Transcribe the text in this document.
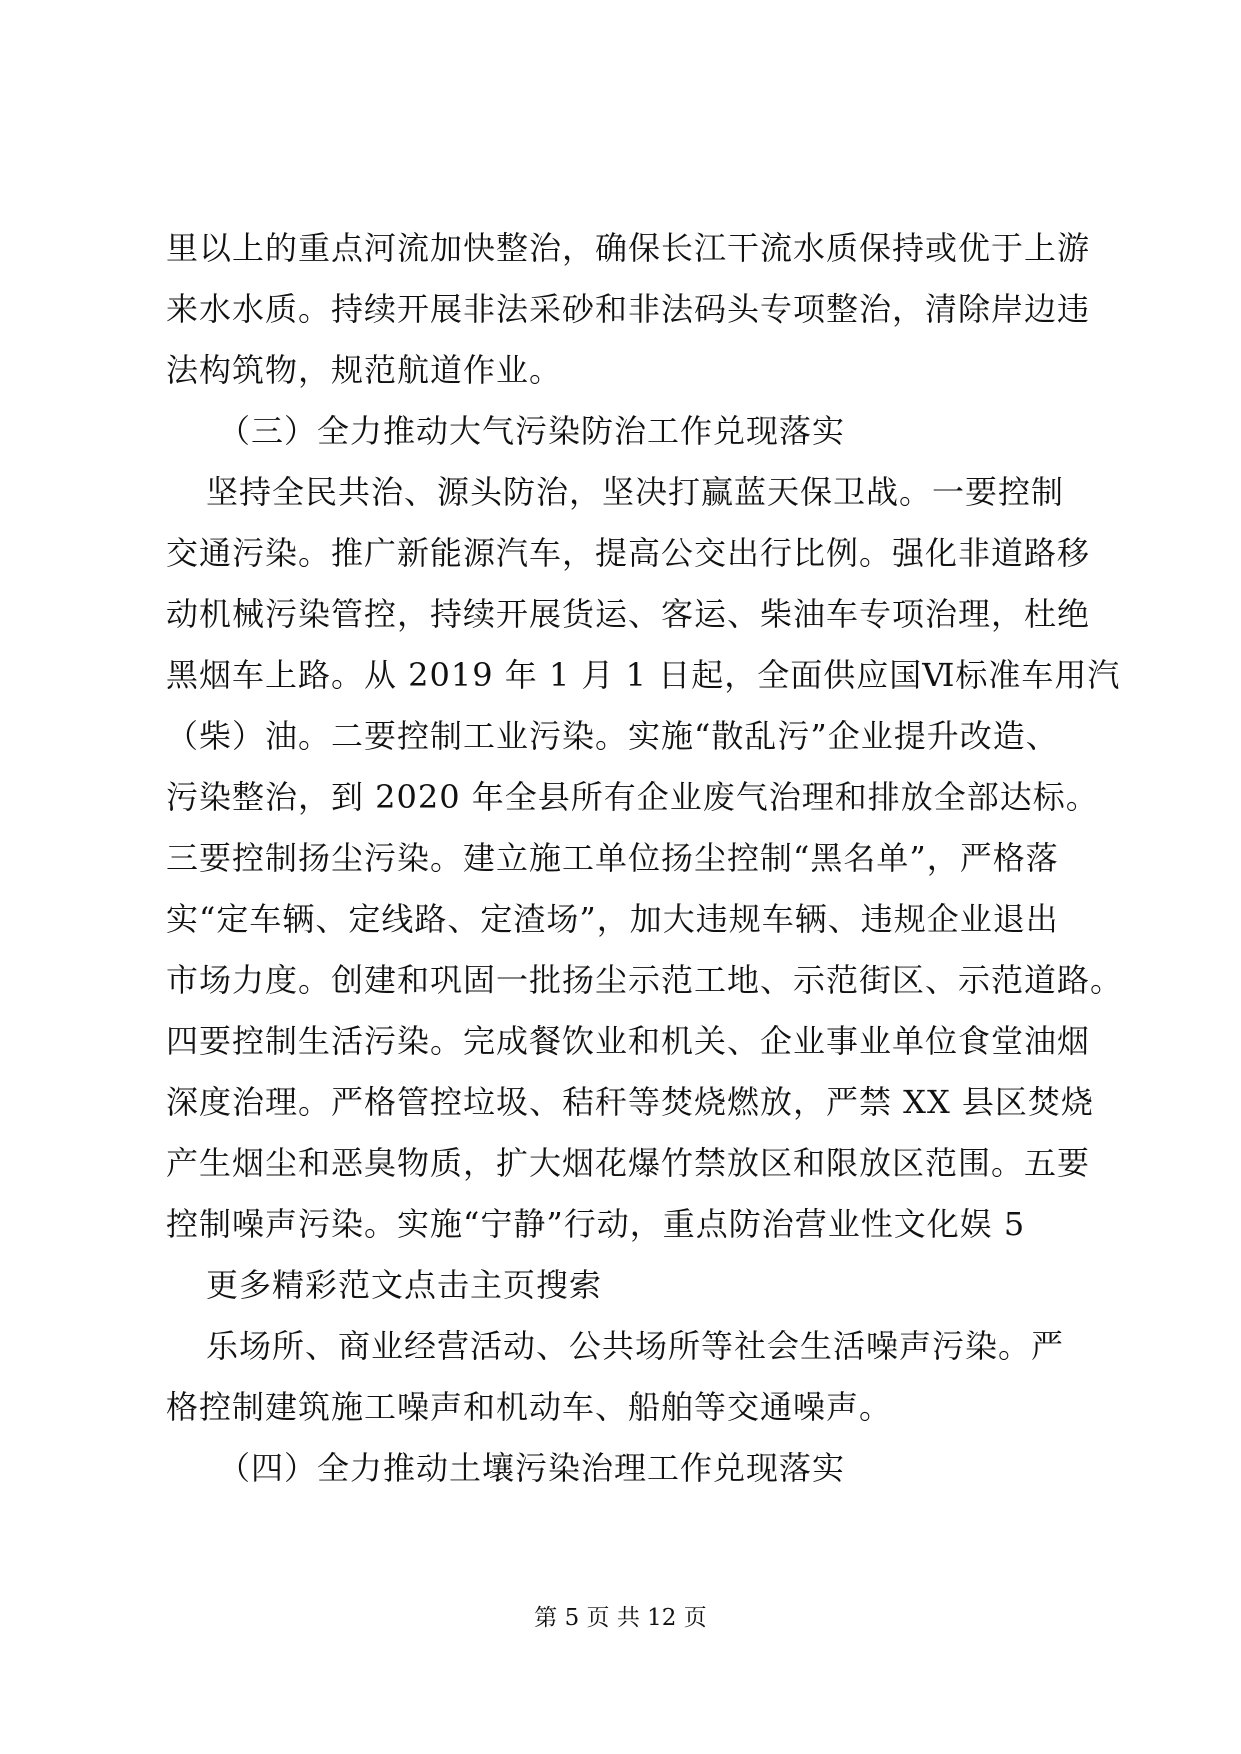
里以上的重点河流加快整治，确保长江干流水质保持或优于上游
来水水质。持续开展非法采砂和非法码头专项整治，清除岸边违
法构筑物，规范航道作业。
（三）全力推动大气污染防治工作兑现落实
坚持全民共治、源头防治，坚决打赢蓝天保卫战。一要控制
交通污染。推广新能源汽车，提高公交出行比例。强化非道路移
动机械污染管控，持续开展货运、客运、柴油车专项治理，杜绝
黑烟车上路。从 2019 年 1 月 1 日起，全面供应国Ⅵ标准车用汽
（柴）油。二要控制工业污染。实施“散乱污”企业提升改造、
污染整治，到 2020 年全县所有企业废气治理和排放全部达标。
三要控制扬尘污染。建立施工单位扬尘控制“黑名单”，严格落
实“定车辆、定线路、定渣场”，加大违规车辆、违规企业退出
市场力度。创建和巩固一批扬尘示范工地、示范街区、示范道路。
四要控制生活污染。完成餐饮业和机关、企业事业单位食堂油烟
深度治理。严格管控垃圾、秸秆等焚烧燃放，严禁 XX 县区焚烧
产生烟尘和恶臭物质，扩大烟花爆竹禁放区和限放区范围。五要
控制噪声污染。实施“宁静”行动，重点防治营业性文化娱 5
更多精彩范文点击主页搜索
乐场所、商业经营活动、公共场所等社会生活噪声污染。严
格控制建筑施工噪声和机动车、船舶等交通噪声。
（四）全力推动土壤污染治理工作兑现落实
第 5 页 共 12 页
